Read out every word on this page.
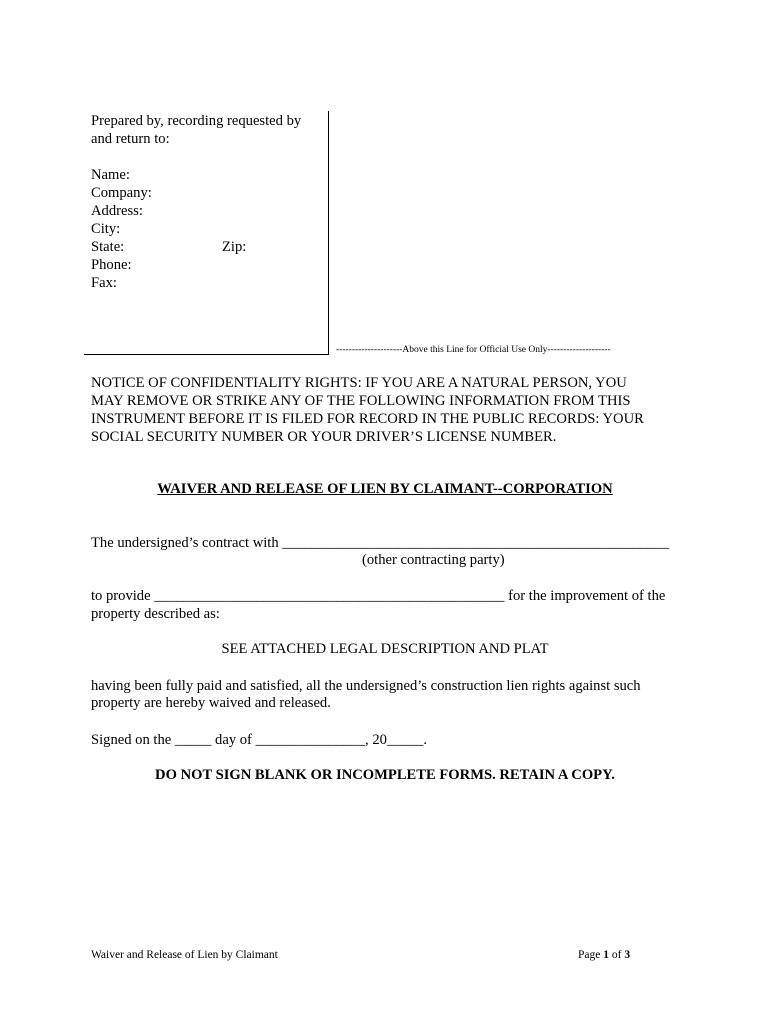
Prepared by, recording requested by
and return to:
Name:
Company:
Address:
City:
State:	Zip:
Phone:
Fax:
---------------------Above this Line for Official Use Only--------------------
NOTICE OF CONFIDENTIALITY RIGHTS: IF YOU ARE A NATURAL PERSON, YOU
MAY REMOVE OR STRIKE ANY OF THE FOLLOWING INFORMATION FROM THIS
INSTRUMENT BEFORE IT IS FILED FOR RECORD IN THE PUBLIC RECORDS: YOUR
SOCIAL SECURITY NUMBER OR YOUR DRIVER’S LICENSE NUMBER.
WAIVER AND RELEASE OF LIEN BY CLAIMANT--CORPORATION
The undersigned’s contract with _____________________________________________________
(other contracting party)
to provide ________________________________________________ for the improvement of the
property described as:
SEE ATTACHED LEGAL DESCRIPTION AND PLAT
having been fully paid and satisfied, all the undersigned’s construction lien rights against such
property are hereby waived and released.
Signed on the _____ day of _______________, 20_____.
DO NOT SIGN BLANK OR INCOMPLETE FORMS. RETAIN A COPY.
Waiver and Release of Lien by Claimant	Page 1 of 3
